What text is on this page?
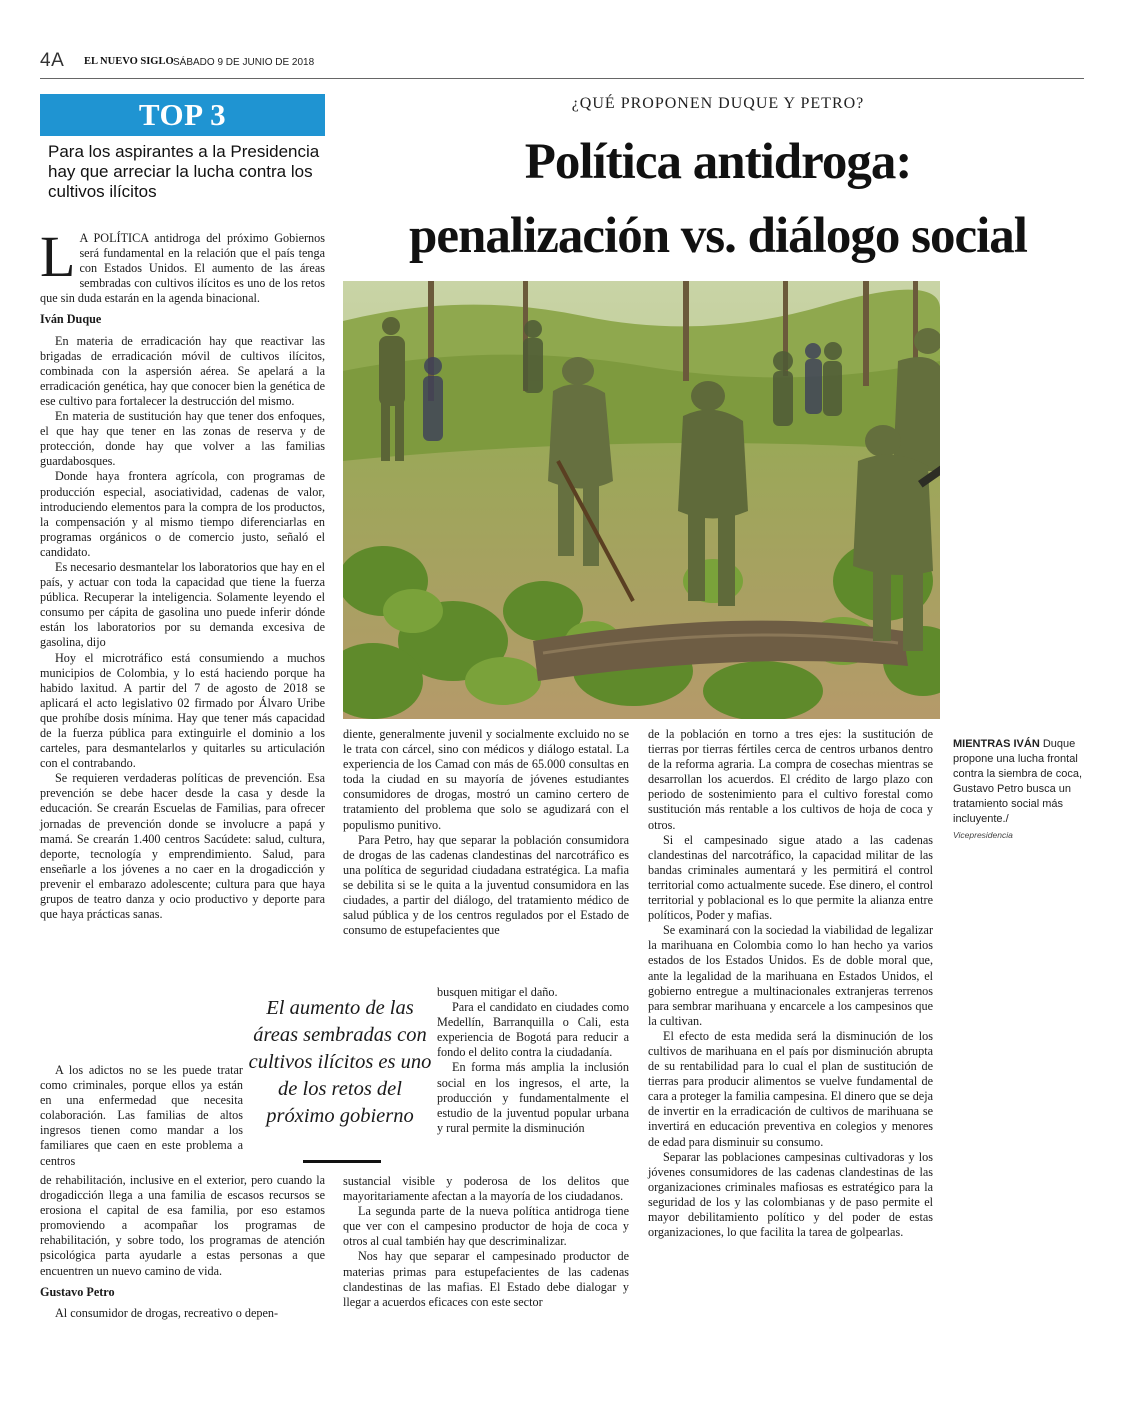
4A EL NUEVO SIGLO SÁBADO 9 DE JUNIO DE 2018
TOP 3
Para los aspirantes a la Presidencia hay que arreciar la lucha contra los cultivos ilícitos
¿QUÉ PROPONEN DUQUE Y PETRO?
Política antidroga:
penalización vs. diálogo social
MIENTRAS IVÁN Duque propone una lucha frontal contra la siembra de coca, Gustavo Petro busca un tratamiento social más incluyente./
Vicepresidencia

L A POLÍTICA antidroga del próximo Gobiernos será fundamental en la relación que el país tenga con Estados Unidos. El aumento de las áreas sembradas con cultivos ilícitos es uno de los retos que sin duda estarán en la agenda binacional.

Iván Duque

En materia de erradicación hay que reactivar las brigadas de erradicación móvil de cultivos ilícitos, combinada con la aspersión aérea. Se apelará a la erradicación genética, hay que conocer bien la genética de ese cultivo para fortalecer la destrucción del mismo.

En materia de sustitución hay que tener dos enfoques, el que hay que tener en las zonas de reserva y de protección, donde hay que volver a las familias guardabosques.

Donde haya frontera agrícola, con programas de producción especial, asociatividad, cadenas de valor, introduciendo elementos para la compra de los productos, la compensación y al mismo tiempo diferenciarlas en programas orgánicos o de comercio justo, señaló el candidato.

Es necesario desmantelar los laboratorios que hay en el país, y actuar con toda la capacidad que tiene la fuerza pública. Recuperar la inteligencia. Solamente leyendo el consumo per cápita de gasolina uno puede inferir dónde están los laboratorios por su demanda excesiva de gasolina, dijo

Hoy el microtráfico está consumiendo a muchos municipios de Colombia, y lo está haciendo porque ha habido laxitud. A partir del 7 de agosto de 2018 se aplicará el acto legislativo 02 firmado por Álvaro Uribe que prohíbe dosis mínima. Hay que tener más capacidad de la fuerza pública para extinguirle el dominio a los carteles, para desmantelarlos y quitarles su articulación con el contrabando.

Se requieren verdaderas políticas de prevención. Esa prevención se debe hacer desde la casa y desde la educación. Se crearán Escuelas de Familias, para ofrecer jornadas de prevención donde se involucre a papá y mamá. Se crearán 1.400 centros Sacúdete: salud, cultura, deporte, tecnología y emprendimiento. Salud, para enseñarle a los jóvenes a no caer en la drogadicción y prevenir el embarazo adolescente; cultura para que haya grupos de teatro danza y ocio productivo y deporte para que haya prácticas sanas.

A los adictos no se les puede tratar como criminales, porque ellos ya están en una enfermedad que necesita colaboración. Las familias de altos ingresos tienen como mandar a los familiares que caen en este problema a centros

de rehabilitación, inclusive en el exterior, pero cuando la drogadicción llega a una familia de escasos recursos se erosiona el capital de esa familia, por eso estamos promoviendo a acompañar los programas de rehabilitación, y sobre todo, los programas de atención psicológica parta ayudarle a estas personas a que encuentren un nuevo camino de vida.

Gustavo Petro

Al consumidor de drogas, recreativo o depen-

El aumento de las áreas sembradas con cultivos ilícitos es uno de los retos del próximo gobierno

diente, generalmente juvenil y socialmente excluido no se le trata con cárcel, sino con médicos y diálogo estatal. La experiencia de los Camad con más de 65.000 consultas en toda la ciudad en su mayoría de jóvenes estudiantes consumidores de drogas, mostró un camino certero de tratamiento del problema que solo se agudizará con el populismo punitivo.

Para Petro, hay que separar la población consumidora de drogas de las cadenas clandestinas del narcotráfico es una política de seguridad ciudadana estratégica. La mafia se debilita si se le quita a la juventud consumidora en las ciudades, a partir del diálogo, del tratamiento médico de salud pública y de los centros regulados por el Estado de consumo de estupefacientes que

busquen mitigar el daño.

Para el candidato en ciudades como Medellín, Barranquilla o Cali, esta experiencia de Bogotá para reducir a fondo el delito contra la ciudadanía.

En forma más amplia la inclusión social en los ingresos, el arte, la producción y fundamentalmente el estudio de la juventud popular urbana y rural permite la disminución

sustancial visible y poderosa de los delitos que mayoritariamente afectan a la mayoría de los ciudadanos.

La segunda parte de la nueva política antidroga tiene que ver con el campesino productor de hoja de coca y otros al cual también hay que descriminalizar.

Nos hay que separar el campesinado productor de materias primas para estupefacientes de las cadenas clandestinas de las mafias. El Estado debe dialogar y llegar a acuerdos eficaces con este sector

de la población en torno a tres ejes: la sustitución de tierras por tierras fértiles cerca de centros urbanos dentro de la reforma agraria. La compra de cosechas mientras se desarrollan los acuerdos. El crédito de largo plazo con periodo de sostenimiento para el cultivo forestal como sustitución más rentable a los cultivos de hoja de coca y otros.

Si el campesinado sigue atado a las cadenas clandestinas del narcotráfico, la capacidad militar de las bandas criminales aumentará y les permitirá el control territorial como actualmente sucede. Ese dinero, el control territorial y poblacional es lo que permite la alianza entre políticos, Poder y mafias.

Se examinará con la sociedad la viabilidad de legalizar la marihuana en Colombia como lo han hecho ya varios estados de los Estados Unidos. Es de doble moral que, ante la legalidad de la marihuana en Estados Unidos, el gobierno entregue a multinacionales extranjeras terrenos para sembrar marihuana y encarcele a los campesinos que la cultivan.

El efecto de esta medida será la disminución de los cultivos de marihuana en el país por disminución abrupta de su rentabilidad para lo cual el plan de sustitución de tierras para producir alimentos se vuelve fundamental de cara a proteger la familia campesina. El dinero que se deja de invertir en la erradicación de cultivos de marihuana se invertirá en educación preventiva en colegios y menores de edad para disminuir su consumo.

Separar las poblaciones campesinas cultivadoras y los jóvenes consumidores de las cadenas clandestinas de las organizaciones criminales mafiosas es estratégico para la seguridad de los y las colombianas y de paso permite el mayor debilitamiento político y del poder de estas organizaciones, lo que facilita la tarea de golpearlas.
